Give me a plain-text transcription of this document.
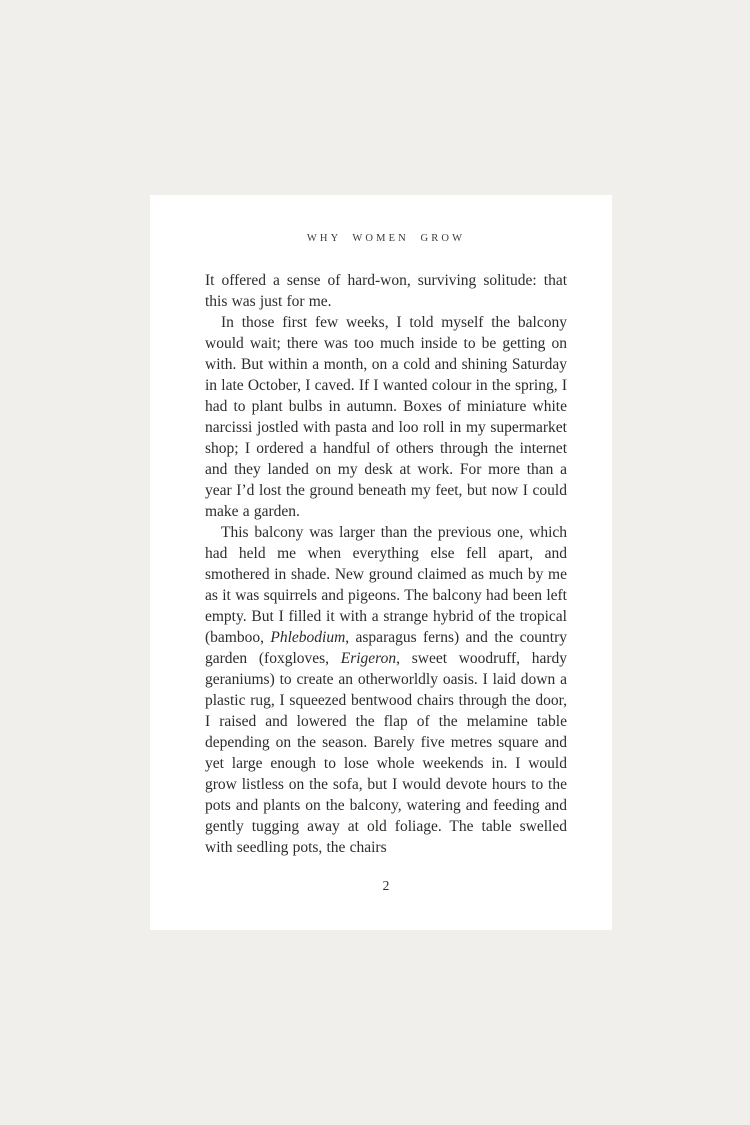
WHY WOMEN GROW

It offered a sense of hard-won, surviving solitude: that this was just for me.

In those first few weeks, I told myself the balcony would wait; there was too much inside to be getting on with. But within a month, on a cold and shining Saturday in late October, I caved. If I wanted colour in the spring, I had to plant bulbs in autumn. Boxes of miniature white narcissi jostled with pasta and loo roll in my supermarket shop; I ordered a handful of others through the internet and they landed on my desk at work. For more than a year I’d lost the ground beneath my feet, but now I could make a garden.

This balcony was larger than the previous one, which had held me when everything else fell apart, and smothered in shade. New ground claimed as much by me as it was squirrels and pigeons. The balcony had been left empty. But I filled it with a strange hybrid of the tropical (bamboo, Phlebodium, asparagus ferns) and the country garden (foxgloves, Erigeron, sweet woodruff, hardy geraniums) to create an otherworldly oasis. I laid down a plastic rug, I squeezed bentwood chairs through the door, I raised and lowered the flap of the melamine table depending on the season. Barely five metres square and yet large enough to lose whole weekends in. I would grow listless on the sofa, but I would devote hours to the pots and plants on the balcony, watering and feeding and gently tugging away at old foliage. The table swelled with seedling pots, the chairs

2
